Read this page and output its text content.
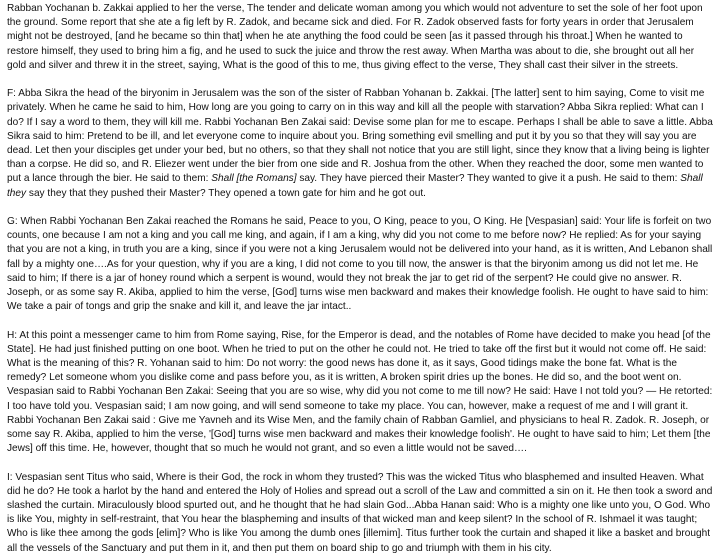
Rabban Yochanan b. Zakkai applied to her the verse, The tender and delicate woman among you which would not adventure to set the sole of her foot upon the ground. Some report that she ate a fig left by R. Zadok, and became sick and died. For R. Zadok observed fasts for forty years in order that Jerusalem might not be destroyed, [and he became so thin that] when he ate anything the food could be seen [as it passed through his throat.] When he wanted to restore himself, they used to bring him a fig, and he used to suck the juice and throw the rest away. When Martha was about to die, she brought out all her gold and silver and threw it in the street, saying, What is the good of this to me, thus giving effect to the verse, They shall cast their silver in the streets.

F: Abba Sikra the head of the biryonim in Jerusalem was the son of the sister of Rabban Yohanan b. Zakkai. [The latter] sent to him saying, Come to visit me privately. When he came he said to him, How long are you going to carry on in this way and kill all the people with starvation? Abba Sikra replied: What can I do? If I say a word to them, they will kill me. Rabbi Yochanan Ben Zakai said: Devise some plan for me to escape. Perhaps I shall be able to save a little. Abba Sikra said to him: Pretend to be ill, and let everyone come to inquire about you. Bring something evil smelling and put it by you so that they will say you are dead. Let then your disciples get under your bed, but no others, so that they shall not notice that you are still light, since they know that a living being is lighter than a corpse. He did so, and R. Eliezer went under the bier from one side and R. Joshua from the other. When they reached the door, some men wanted to put a lance through the bier. He said to them: Shall [the Romans] say. They have pierced their Master? They wanted to give it a push. He said to them: Shall they say they that they pushed their Master? They opened a town gate for him and he got out.

G: When Rabbi Yochanan Ben Zakai reached the Romans he said, Peace to you, O King, peace to you, O King. He [Vespasian] said: Your life is forfeit on two counts, one because I am not a king and you call me king, and again, if I am a king, why did you not come to me before now? He replied: As for your saying that you are not a king, in truth you are a king, since if you were not a king Jerusalem would not be delivered into your hand, as it is written, And Lebanon shall fall by a mighty one….As for your question, why if you are a king, I did not come to you till now, the answer is that the biryonim among us did not let me. He said to him; If there is a jar of honey round which a serpent is wound, would they not break the jar to get rid of the serpent? He could give no answer. R. Joseph, or as some say R. Akiba, applied to him the verse, [God] turns wise men backward and makes their knowledge foolish. He ought to have said to him: We take a pair of tongs and grip the snake and kill it, and leave the jar intact..

H: At this point a messenger came to him from Rome saying, Rise, for the Emperor is dead, and the notables of Rome have decided to make you head [of the State]. He had just finished putting on one boot. When he tried to put on the other he could not. He tried to take off the first but it would not come off. He said: What is the meaning of this? R. Yohanan said to him: Do not worry: the good news has done it, as it says, Good tidings make the bone fat. What is the remedy? Let someone whom you dislike come and pass before you, as it is written, A broken spirit dries up the bones. He did so, and the boot went on. Vespasian said to Rabbi Yochanan Ben Zakai: Seeing that you are so wise, why did you not come to me till now? He said: Have I not told you? — He retorted: I too have told you. Vespasian said; I am now going, and will send someone to take my place. You can, however, make a request of me and I will grant it. Rabbi Yochanan Ben Zakai said : Give me Yavneh and its Wise Men, and the family chain of Rabban Gamliel, and physicians to heal R. Zadok. R. Joseph, or some say R. Akiba, applied to him the verse, '[God] turns wise men backward and makes their knowledge foolish'. He ought to have said to him; Let them [the Jews] off this time. He, however, thought that so much he would not grant, and so even a little would not be saved….

I: Vespasian sent Titus who said, Where is their God, the rock in whom they trusted? This was the wicked Titus who blasphemed and insulted Heaven. What did he do? He took a harlot by the hand and entered the Holy of Holies and spread out a scroll of the Law and committed a sin on it. He then took a sword and slashed the curtain. Miraculously blood spurted out, and he thought that he had slain God...Abba Hanan said: Who is a mighty one like unto you, O God. Who is like You, mighty in self-restraint, that You hear the blaspheming and insults of that wicked man and keep silent? In the school of R. Ishmael it was taught; Who is like thee among the gods [elim]? Who is like You among the dumb ones [illemim]. Titus further took the curtain and shaped it like a basket and brought all the vessels of the Sanctuary and put them in it, and then put them on board ship to go and triumph with them in his city.
